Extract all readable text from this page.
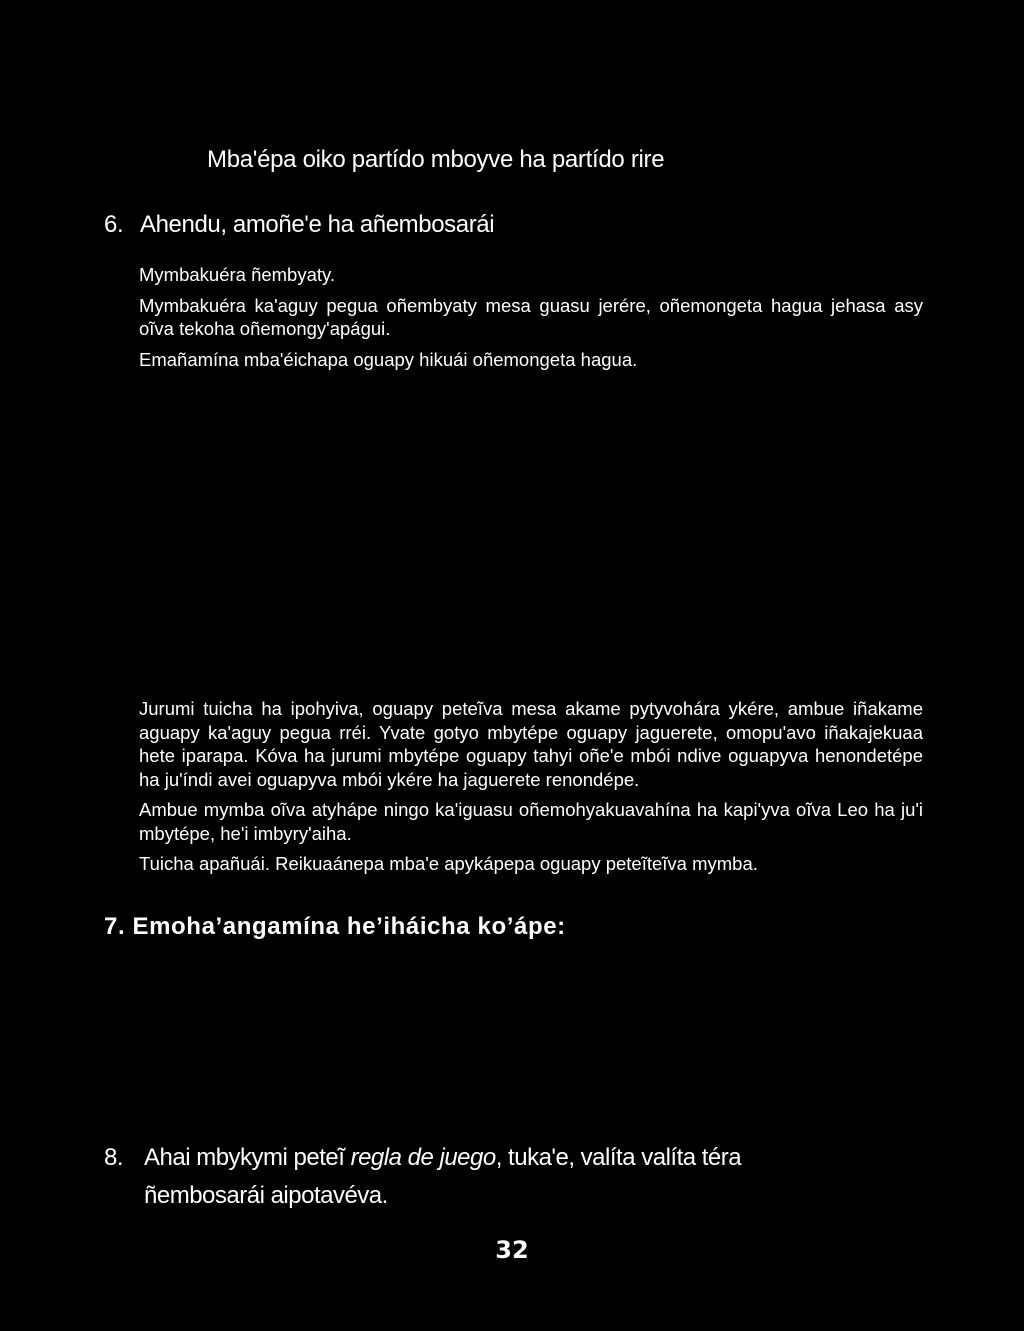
Mba'épa oiko partído mboyve ha partído rire
6. Ahendu, amoñe'e ha añembosarái

Mymbakuéra ñembyaty.

Mymbakuéra ka'aguy pegua oñembyaty mesa guasu jerére, oñemongeta hagua jehasa asy oĩva tekoha oñemongy'apágui.

Emañamína mba'éichapa oguapy hikuái oñemongeta hagua.

Jurumi tuicha ha ipohyiva, oguapy peteĩva mesa akame pytyvohára ykére, ambue iñakame aguapy ka'aguy pegua rréi. Yvate gotyo mbytépe oguapy jaguerete, omopu'avo iñakajekuaa hete iparapa. Kóva ha jurumi mbytépe oguapy tahyi oñe'e mbói ndive oguapyva henondetépe ha ju'índi avei oguapyva mbói ykére ha jaguerete renondépe.

Ambue mymba oĩva atyhápe ningo ka'iguasu oñemohyakuavahína ha kapi'yva oĩva Leo ha ju'i mbytépe, he'i imbyry'aiha.

Tuicha apañuái. Reikuaánepa mba'e apykápepa oguapy peteĩteĩva mymba.

7. Emoha’angamína he’iháicha ko’ápe:
8. Ahai mbykymi peteĩ regla de juego, tuka'e, valíta valíta téra
ñembosarái aipotavéva.
32
